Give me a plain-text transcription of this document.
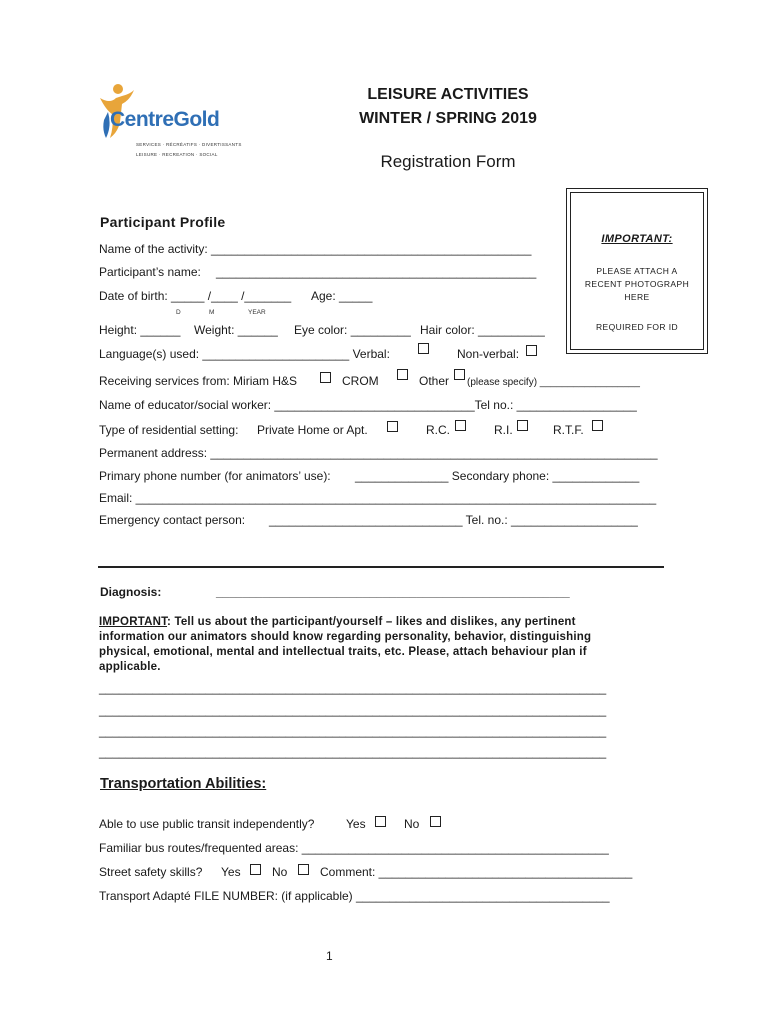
CentreGold
SERVICES · RÉCRÉATIFS · DIVERTISSANTS
LEISURE · RECREATION · SOCIAL
LEISURE ACTIVITIES
WINTER / SPRING 2019
Registration Form
IMPORTANT:
PLEASE ATTACH A
RECENT PHOTOGRAPH
HERE
REQUIRED FOR ID
Participant Profile
Name of the activity: ________________________________________________
Participant’s name: ________________________________________________
Date of birth: _____ /____ /_______ Age: _____
D	M	YEAR
Height: ______ Weight: ______ Eye color: _________ Hair color: __________
Language(s) used: ______________________ Verbal:	Non-verbal:
Receiving services from: Miriam H&S	CROM	Other (please specify) __________________
Name of educator/social worker: ______________________________Tel no.: __________________
Type of residential setting: Private Home or Apt.	R.C.	R.I.	R.T.F.
Permanent address: ___________________________________________________________________
Primary phone number (for animators’ use): ______________ Secondary phone: _____________
Email: ______________________________________________________________________________
Emergency contact person: _____________________________ Tel. no.: ___________________
Diagnosis:	_____________________________________________________
IMPORTANT: Tell us about the participant/yourself – likes and dislikes, any pertinent
information our animators should know regarding personality, behavior, distinguishing
physical, emotional, mental and intellectual traits, etc. Please, attach behaviour plan if
applicable.
____________________________________________________________________________
____________________________________________________________________________
____________________________________________________________________________
____________________________________________________________________________
Transportation Abilities:
Able to use public transit independently?	Yes	No
Familiar bus routes/frequented areas: ______________________________________________
Street safety skills? Yes	No	Comment: ______________________________________
Transport Adapté FILE NUMBER: (if applicable) ______________________________________
1
